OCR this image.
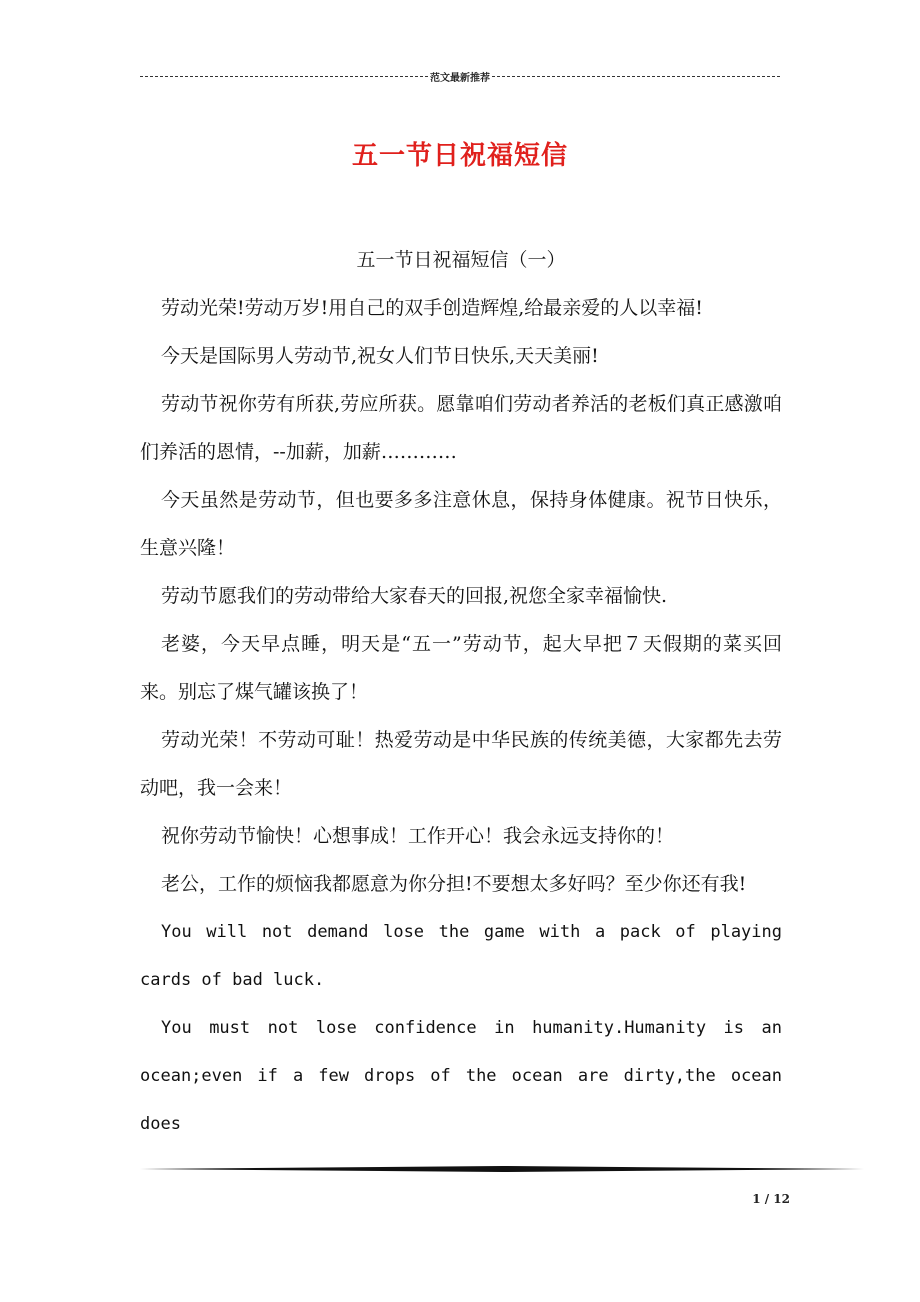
范文最新推荐
五一节日祝福短信

五一节日祝福短信（一）

劳动光荣!劳动万岁!用自己的双手创造辉煌,给最亲爱的人以幸福!

今天是国际男人劳动节,祝女人们节日快乐,天天美丽!

劳动节祝你劳有所获,劳应所获。愿靠咱们劳动者养活的老板们真正感激咱们养活的恩情，--加薪，加薪…………

今天虽然是劳动节，但也要多多注意休息，保持身体健康。祝节日快乐，生意兴隆！

劳动节愿我们的劳动带给大家春天的回报,祝您全家幸福愉快.

老婆，今天早点睡，明天是“五一”劳动节，起大早把７天假期的菜买回来。别忘了煤气罐该换了！

劳动光荣！不劳动可耻！热爱劳动是中华民族的传统美德，大家都先去劳动吧，我一会来！

祝你劳动节愉快！心想事成！工作开心！我会永远支持你的！

老公，工作的烦恼我都愿意为你分担!不要想太多好吗？至少你还有我!

You will not demand lose the game with a pack of playing cards of bad luck.

You must not lose confidence in humanity.Humanity is an ocean;even if a few drops of the ocean are dirty,the ocean does

1 / 12
